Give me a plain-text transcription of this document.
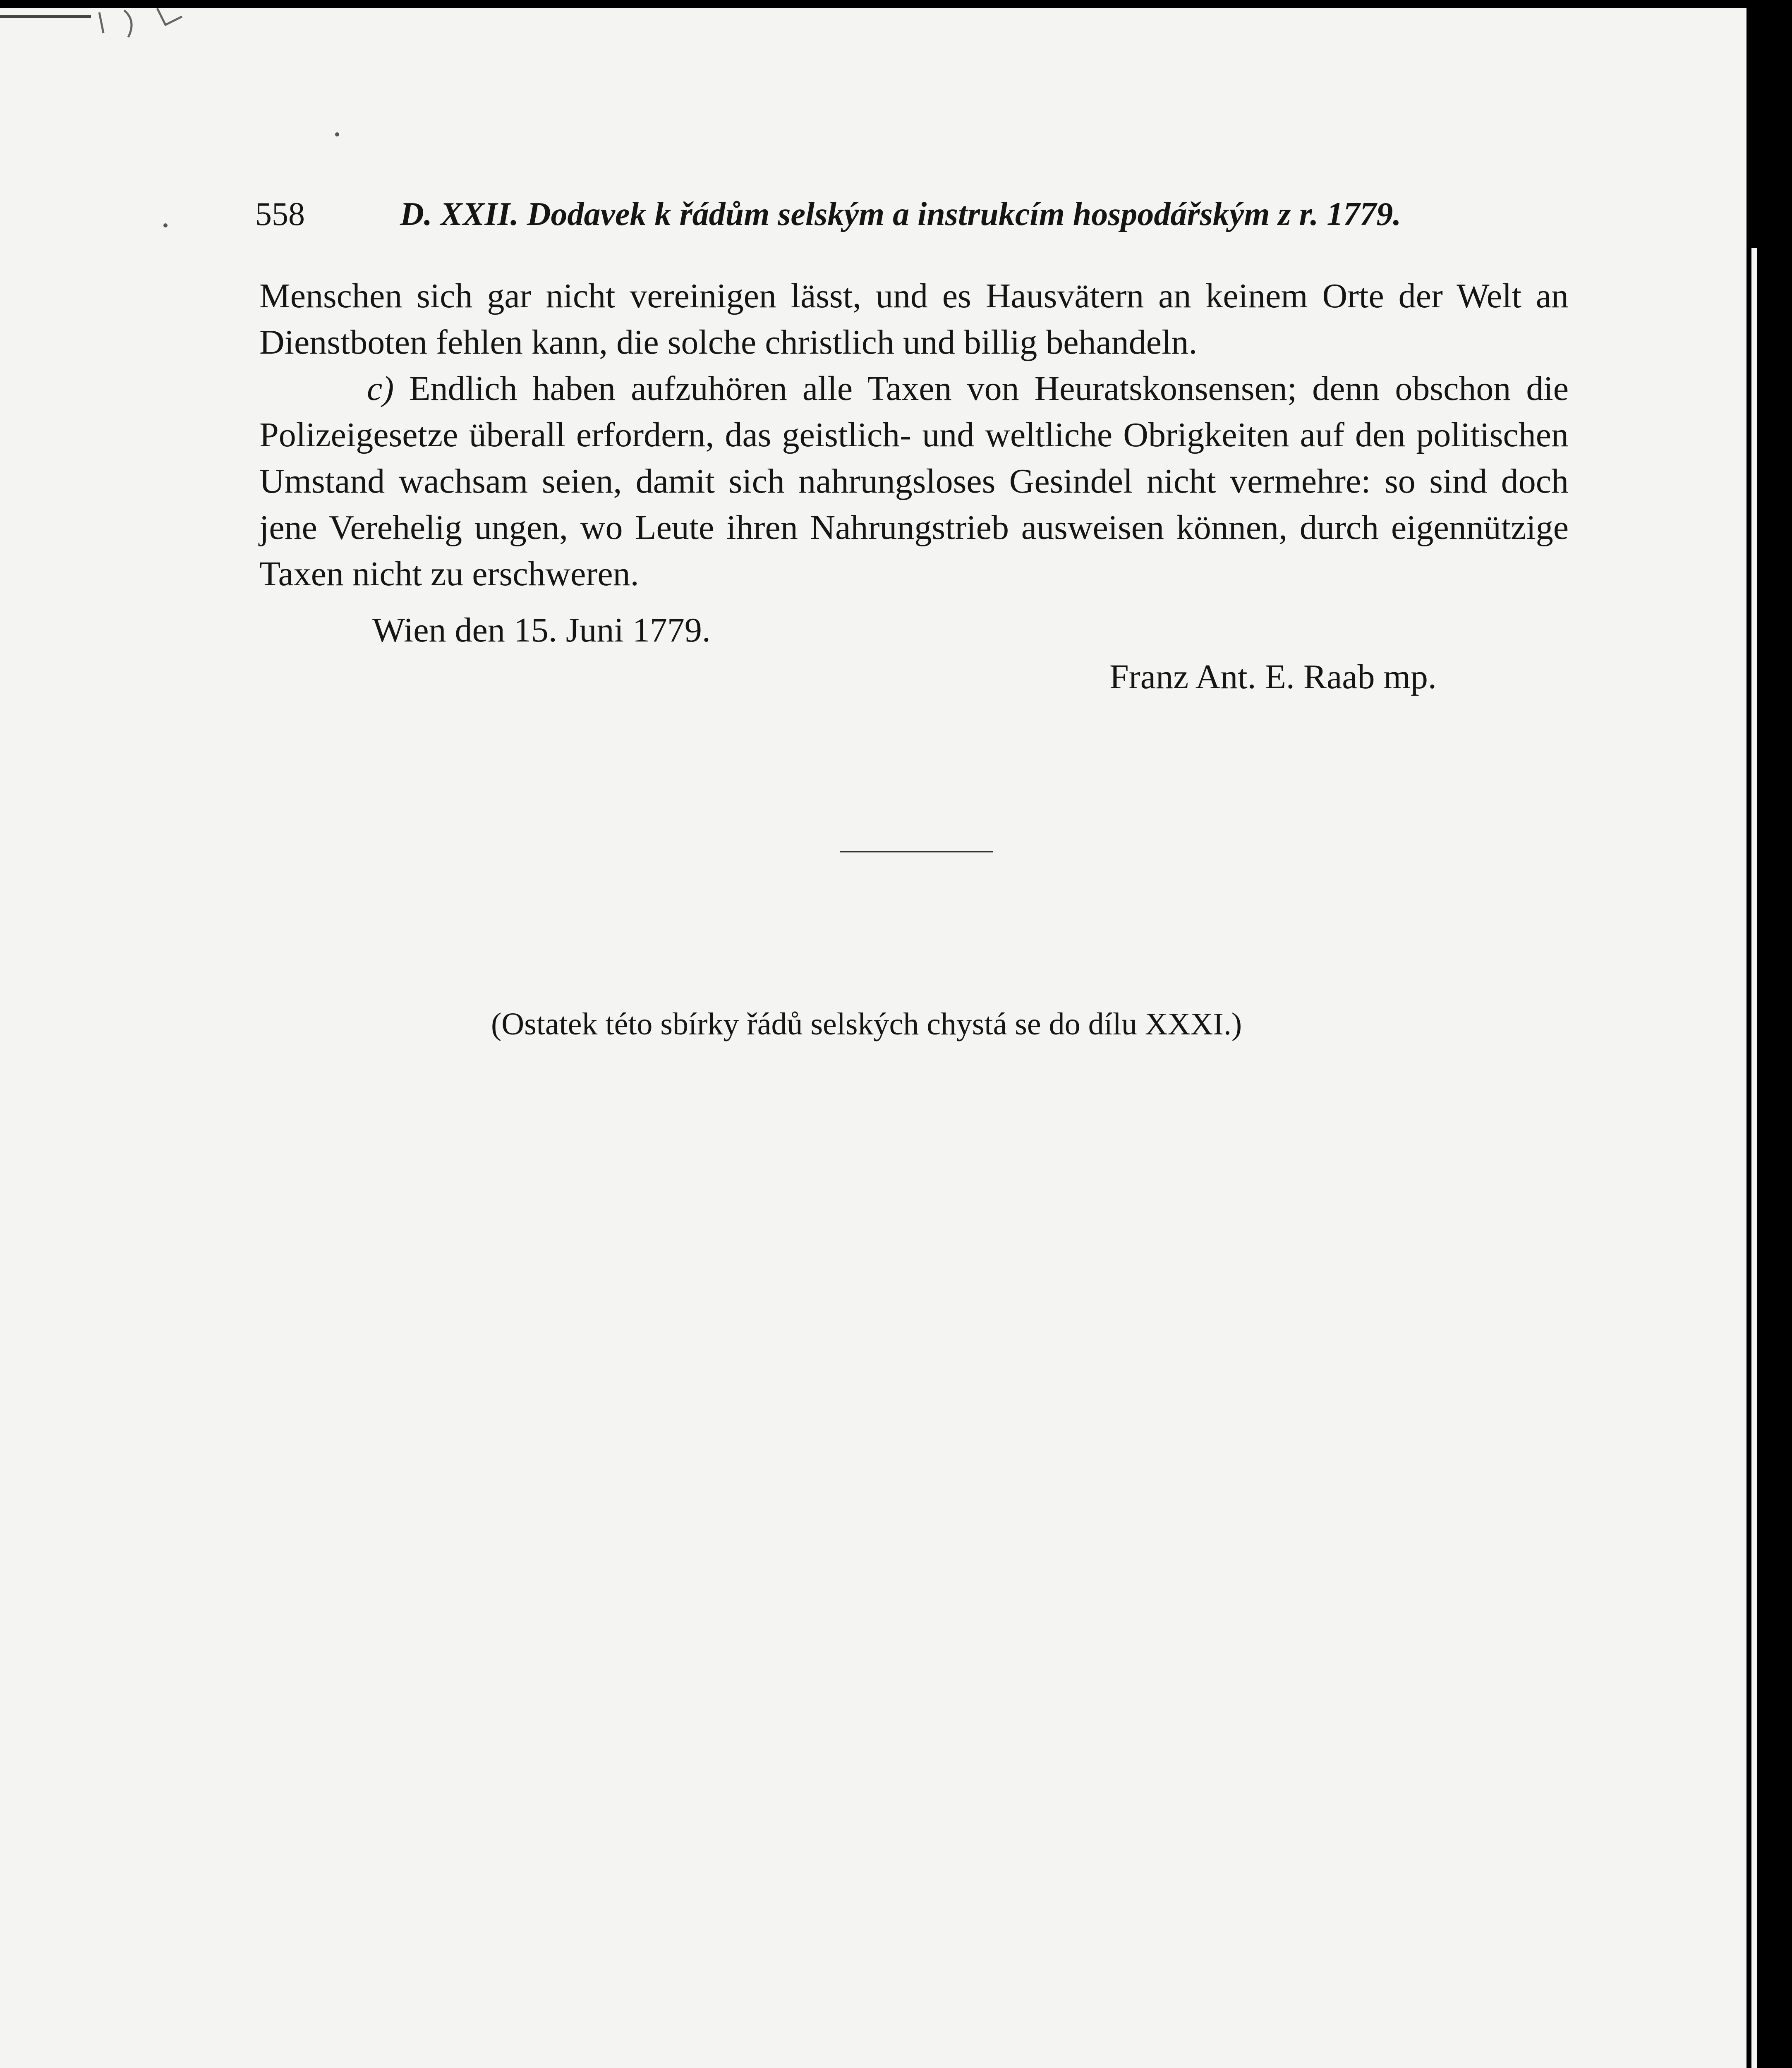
558	D. XXII. Dodavek k řádům selským a instrukcím hospodářským z r. 1779.

Menschen sich gar nicht vereinigen lässt, und es Hausvätern an keinem Orte der Welt an Dienstboten fehlen kann, die solche christlich und billig behandeln.

c) Endlich haben aufzuhören alle Taxen von Heuratskonsensen; denn obschon die Polizeigesetze überall erfordern, das geistlich- und weltliche Obrigkeiten auf den politischen Umstand wachsam seien, damit sich nahrungsloses Gesindel nicht vermehre: so sind doch jene Verehelig ungen, wo Leute ihren Nahrungstrieb ausweisen können, durch eigennützige Taxen nicht zu erschweren.

Wien den 15. Juni 1779.
Franz Ant. E. Raab mp.
(Ostatek této sbírky řádů selských chystá se do dílu XXXI.)
